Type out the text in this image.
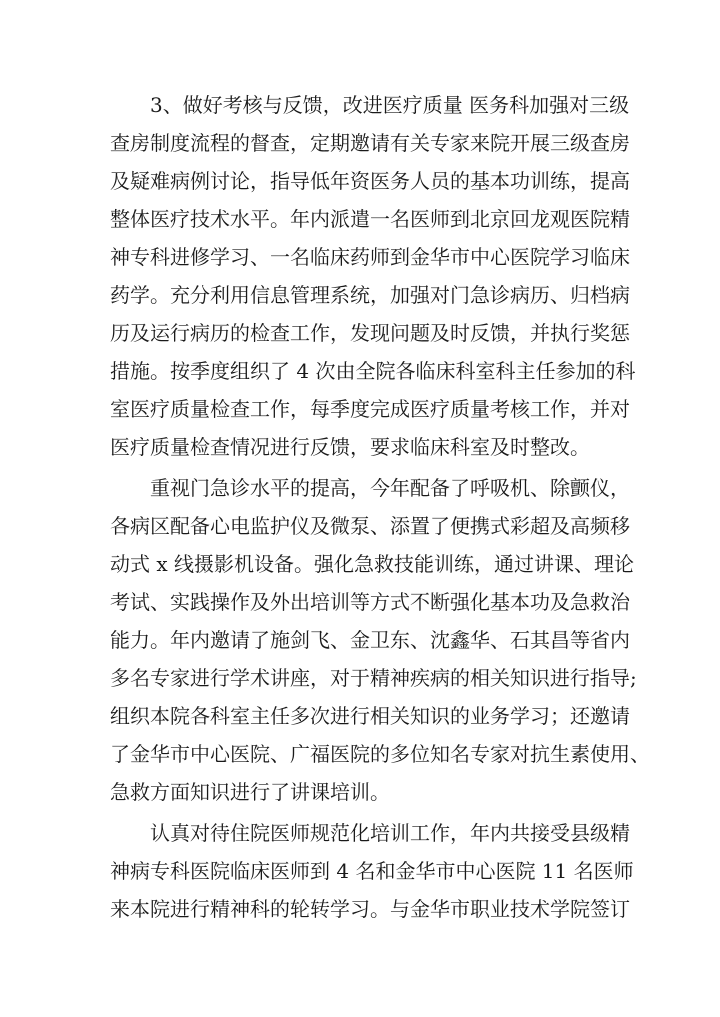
3、做好考核与反馈，改进医疗质量 医务科加强对三级
查房制度流程的督查，定期邀请有关专家来院开展三级查房
及疑难病例讨论，指导低年资医务人员的基本功训练，提高
整体医疗技术水平。年内派遣一名医师到北京回龙观医院精
神专科进修学习、一名临床药师到金华市中心医院学习临床
药学。充分利用信息管理系统，加强对门急诊病历、归档病
历及运行病历的检查工作，发现问题及时反馈，并执行奖惩
措施。按季度组织了 4 次由全院各临床科室科主任参加的科
室医疗质量检查工作，每季度完成医疗质量考核工作，并对
医疗质量检查情况进行反馈，要求临床科室及时整改。
重视门急诊水平的提高，今年配备了呼吸机、除颤仪，
各病区配备心电监护仪及微泵、添置了便携式彩超及高频移
动式 x 线摄影机设备。强化急救技能训练，通过讲课、理论
考试、实践操作及外出培训等方式不断强化基本功及急救治
能力。年内邀请了施剑飞、金卫东、沈鑫华、石其昌等省内
多名专家进行学术讲座，对于精神疾病的相关知识进行指导;
组织本院各科室主任多次进行相关知识的业务学习；还邀请
了金华市中心医院、广福医院的多位知名专家对抗生素使用、
急救方面知识进行了讲课培训。
认真对待住院医师规范化培训工作，年内共接受县级精
神病专科医院临床医师到 4 名和金华市中心医院 11 名医师
来本院进行精神科的轮转学习。与金华市职业技术学院签订
